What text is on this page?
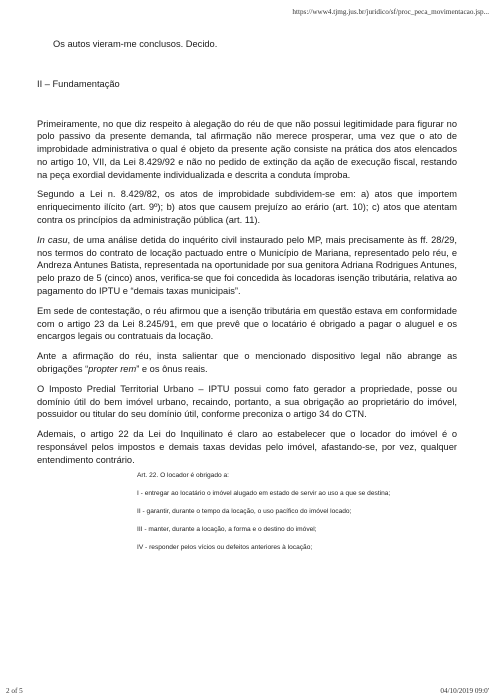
https://www4.tjmg.jus.br/juridico/sf/proc_peca_movimentacao.jsp...
Os autos vieram-me conclusos. Decido.
II – Fundamentação

Primeiramente, no que diz respeito à alegação do réu de que não possui legitimidade para figurar no polo passivo da presente demanda, tal afirmação não merece prosperar, uma vez que o ato de improbidade administrativa o qual é objeto da presente ação consiste na prática dos atos elencados no artigo 10, VII, da Lei 8.429/92 e não no pedido de extinção da ação de execução fiscal, restando na peça exordial devidamente individualizada e descrita a conduta ímproba.

Segundo a Lei n. 8.429/82, os atos de improbidade subdividem-se em: a) atos que importem enriquecimento ilícito (art. 9º); b) atos que causem prejuízo ao erário (art. 10); c) atos que atentam contra os princípios da administração pública (art. 11).

In casu, de uma análise detida do inquérito civil instaurado pelo MP, mais precisamente às ff. 28/29, nos termos do contrato de locação pactuado entre o Município de Mariana, representado pelo réu, e Andreza Antunes Batista, representada na oportunidade por sua genitora Adriana Rodrigues Antunes, pelo prazo de 5 (cinco) anos, verifica-se que foi concedida às locadoras isenção tributária, relativa ao pagamento do IPTU e “demais taxas municipais”.

Em sede de contestação, o réu afirmou que a isenção tributária em questão estava em conformidade com o artigo 23 da Lei 8.245/91, em que prevê que o locatário é obrigado a pagar o aluguel e os encargos legais ou contratuais da locação.

Ante a afirmação do réu, insta salientar que o mencionado dispositivo legal não abrange as obrigações “propter rem” e os ônus reais.

O Imposto Predial Territorial Urbano – IPTU possui como fato gerador a propriedade, posse ou domínio útil do bem imóvel urbano, recaindo, portanto, a sua obrigação ao proprietário do imóvel, possuidor ou titular do seu domínio útil, conforme preconiza o artigo 34 do CTN.

Ademais, o artigo 22 da Lei do Inquilinato é claro ao estabelecer que o locador do imóvel é o responsável pelos impostos e demais taxas devidas pelo imóvel, afastando-se, por vez, qualquer entendimento contrário.

Art. 22. O locador é obrigado a:
I - entregar ao locatário o imóvel alugado em estado de servir ao uso a que se destina;
II - garantir, durante o tempo da locação, o uso pacífico do imóvel locado;
III - manter, durante a locação, a forma e o destino do imóvel;
IV - responder pelos vícios ou defeitos anteriores à locação;
2 of 5	04/10/2019 09:0'
